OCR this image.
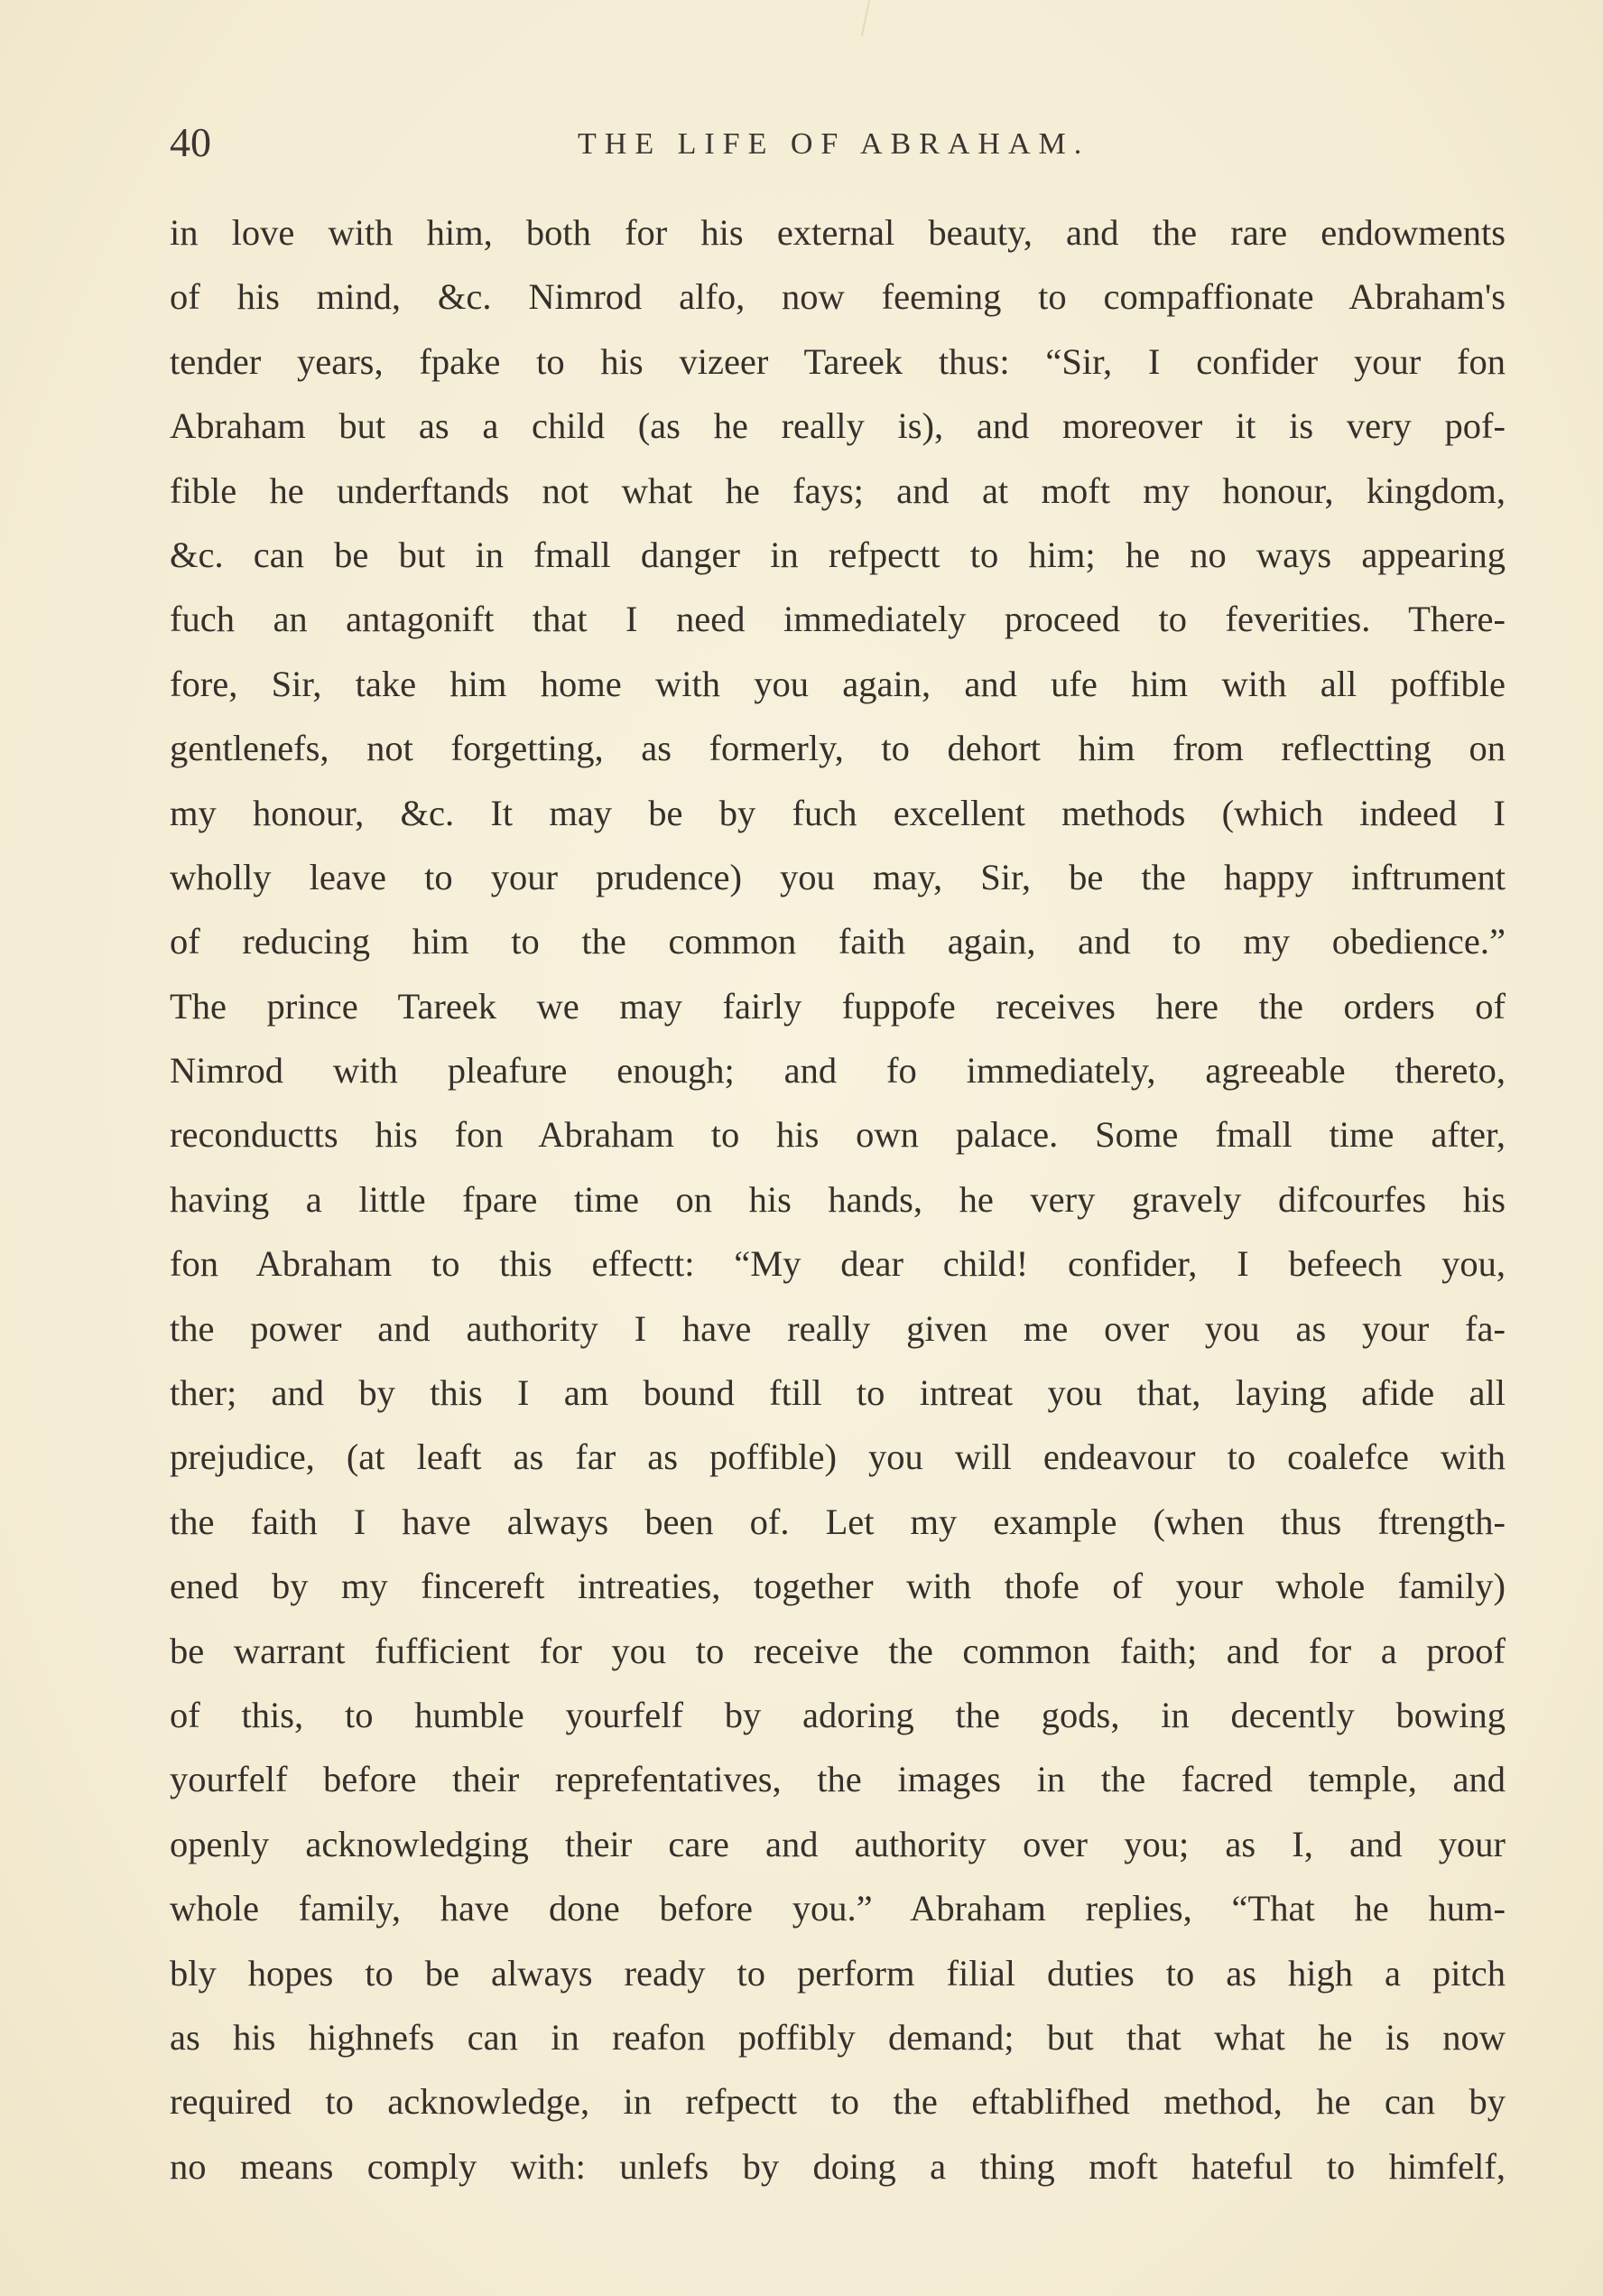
40	THE LIFE OF ABRAHAM.
in love with him, both for his external beauty, and the rare endowments
of his mind, &c. Nimrod alfo, now feeming to compaffionate Abraham's
tender years, fpake to his vizeer Tareek thus: “Sir, I confider your fon
Abraham but as a child (as he really is), and moreover it is very pof-
fible he underftands not what he fays; and at moft my honour, kingdom,
&c. can be but in fmall danger in refpectt to him; he no ways appearing
fuch an antagonift that I need immediately proceed to feverities. There-
fore, Sir, take him home with you again, and ufe him with all poffible
gentlenefs, not forgetting, as formerly, to dehort him from reflectting on
my honour, &c. It may be by fuch excellent methods (which indeed I
wholly leave to your prudence) you may, Sir, be the happy inftrument
of reducing him to the common faith again, and to my obedience.”
The prince Tareek we may fairly fuppofe receives here the orders of
Nimrod with pleafure enough; and fo immediately, agreeable thereto,
reconductts his fon Abraham to his own palace. Some fmall time after,
having a little fpare time on his hands, he very gravely difcourfes his
fon Abraham to this effectt: “My dear child! confider, I befeech you,
the power and authority I have really given me over you as your fa-
ther; and by this I am bound ftill to intreat you that, laying afide all
prejudice, (at leaft as far as poffible) you will endeavour to coalefce with
the faith I have always been of. Let my example (when thus ftrength-
ened by my fincereft intreaties, together with thofe of your whole family)
be warrant fufficient for you to receive the common faith; and for a proof
of this, to humble yourfelf by adoring the gods, in decently bowing
yourfelf before their reprefentatives, the images in the facred temple, and
openly acknowledging their care and authority over you; as I, and your
whole family, have done before you.” Abraham replies, “That he hum-
bly hopes to be always ready to perform filial duties to as high a pitch
as his highnefs can in reafon poffibly demand; but that what he is now
required to acknowledge, in refpectt to the eftablifhed method, he can by
no means comply with: unlefs by doing a thing moft hateful to himfelf,
